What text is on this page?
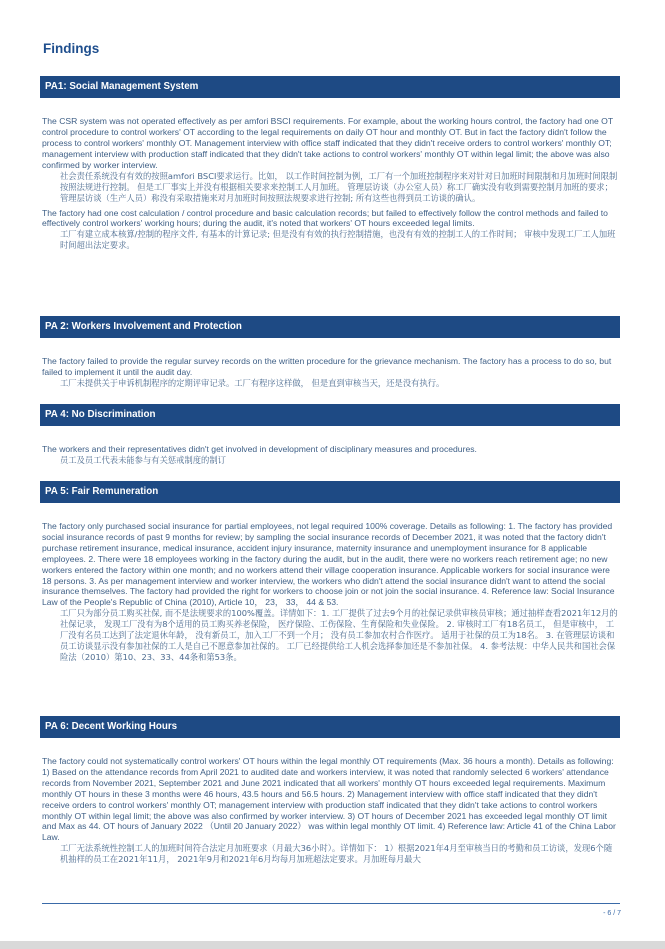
Findings
PA1: Social Management System

The CSR system was not operated effectively as per amfori BSCI requirements. For example, about the working hours control, the factory had one OT control procedure to control workers' OT according to the legal requirements on daily OT hour and monthly OT. But in fact the factory didn't follow the process to control workers' monthly OT. Management interview with office staff indicated that they didn't receive orders to control workers' monthly OT; management interview with production staff indicated that they didn't take actions to control workers' monthly OT within legal limit; the above was also confirmed by worker interview.

社会责任系统没有有效的按照amfori BSCI要求运行。比如， 以工作时间控制为例，工厂有一个加班控制程序来对针对日加班时间限制和月加班时间限制按照法规进行控制。 但是工厂事实上并没有根据相关要求来控制工人月加班。 管理层访谈（办公室人员）称工厂确实没有收到需要控制月加班的要求；管理层访谈（生产人员）称没有采取措施来对月加班时间按照法规要求进行控制; 所有这些也得到员工访谈的确认。

The factory had one cost calculation / control procedure and basic calculation records; but failed to effectively follow the control methods and failed to effectively control workers' working hours; during the audit, it's noted that workers' OT hours exceeded legal limits.

工厂有建立成本核算/控制的程序文件, 有基本的计算记录; 但是没有有效的执行控制措施，也没有有效的控制工人的工作时间； 审核中发现工厂工人加班时间超出法定要求。

PA 2: Workers Involvement and Protection

The factory failed to provide the regular survey records on the written procedure for the grievance mechanism. The factory has a process to do so, but failed to implement it until the audit day.

工厂未提供关于申诉机制程序的定期评审记录。工厂有程序这样做， 但是直到审核当天，还是没有执行。

PA 4: No Discrimination

The workers and their representatives didn't get involved in development of disciplinary measures and procedures.

员工及员工代表未能参与有关惩戒制度的制订

PA 5: Fair Remuneration

The factory only purchased social insurance for partial employees, not legal required 100% coverage. Details as following: 1. The factory has provided social insurance records of past 9 months for review; by sampling the social insurance records of December 2021, it was noted that the factory didn't purchase retirement insurance, medical insurance, accident injury insurance, maternity insurance and unemployment insurance for 8 applicable employees. 2. There were 18 employees working in the factory during the audit, but in the audit, there were no workers reach retirement age; no new workers entered the factory within one month; and no workers attend their village cooperation insurance. Applicable workers for social insurance were 18 persons. 3. As per management interview and worker interview, the workers who didn't attend the social insurance didn't want to attend the social insurance themselves. The factory had provided the right for workers to choose join or not join the social insurance. 4. Reference law: Social Insurance Law of the People's Republic of China (2010), Article 10， 23， 33， 44 & 53.

工厂只为部分员工购买社保, 而不是法规要求的100%覆盖。详情如下：1. 工厂提供了过去9个月的社保记录供审核员审核；通过抽样查看2021年12月的社保记录， 发现工厂没有为8个适用的员工购买养老保险， 医疗保险、工伤保险、生育保险和失业保险。 2. 审核时工厂有18名员工， 但是审核中， 工厂没有名员工达到了法定退休年龄， 没有新员工，加入工厂不到一个月； 没有员工参加农村合作医疗。 适用于社保的员工为18名。 3. 在管理层访谈和员工访谈显示没有参加社保的工人是自己不愿意参加社保的。 工厂已经提供给工人机会选择参加还是不参加社保。 4. 参考法规：中华人民共和国社会保险法（2010）第10、23、33、44条和第53条。

PA 6: Decent Working Hours

The factory could not systematically control workers' OT hours within the legal monthly OT requirements (Max. 36 hours a month). Details as following: 1) Based on the attendance records from April 2021 to audited date and workers interview, it was noted that randomly selected 6 workers' attendance records from November 2021, September 2021 and June 2021 indicated that all workers' monthly OT hours exceeded legal requirements. Maximum monthly OT hours in these 3 months were 46 hours, 43.5 hours and 56.5 hours. 2) Management interview with office staff indicated that they didn't receive orders to control workers' monthly OT; management interview with production staff indicated that they didn't take actions to control workers monthly OT within legal limit; the above was also confirmed by worker interview. 3) OT hours of December 2021 has exceeded legal monthly OT limit and Max as 44. OT hours of January 2022 （Until 20 January 2022） was within legal monthly OT limit. 4) Reference law: Article 41 of the China Labor Law.

工厂无法系统性控制工人的加班时间符合法定月加班要求（月最大36小时）。详情如下： 1）根据2021年4月至审核当日的考勤和员工访谈，发现6个随机抽样的员工在2021年11月， 2021年9月和2021年6月均每月加班超法定要求。月加班每月最大

- 6 / 7
